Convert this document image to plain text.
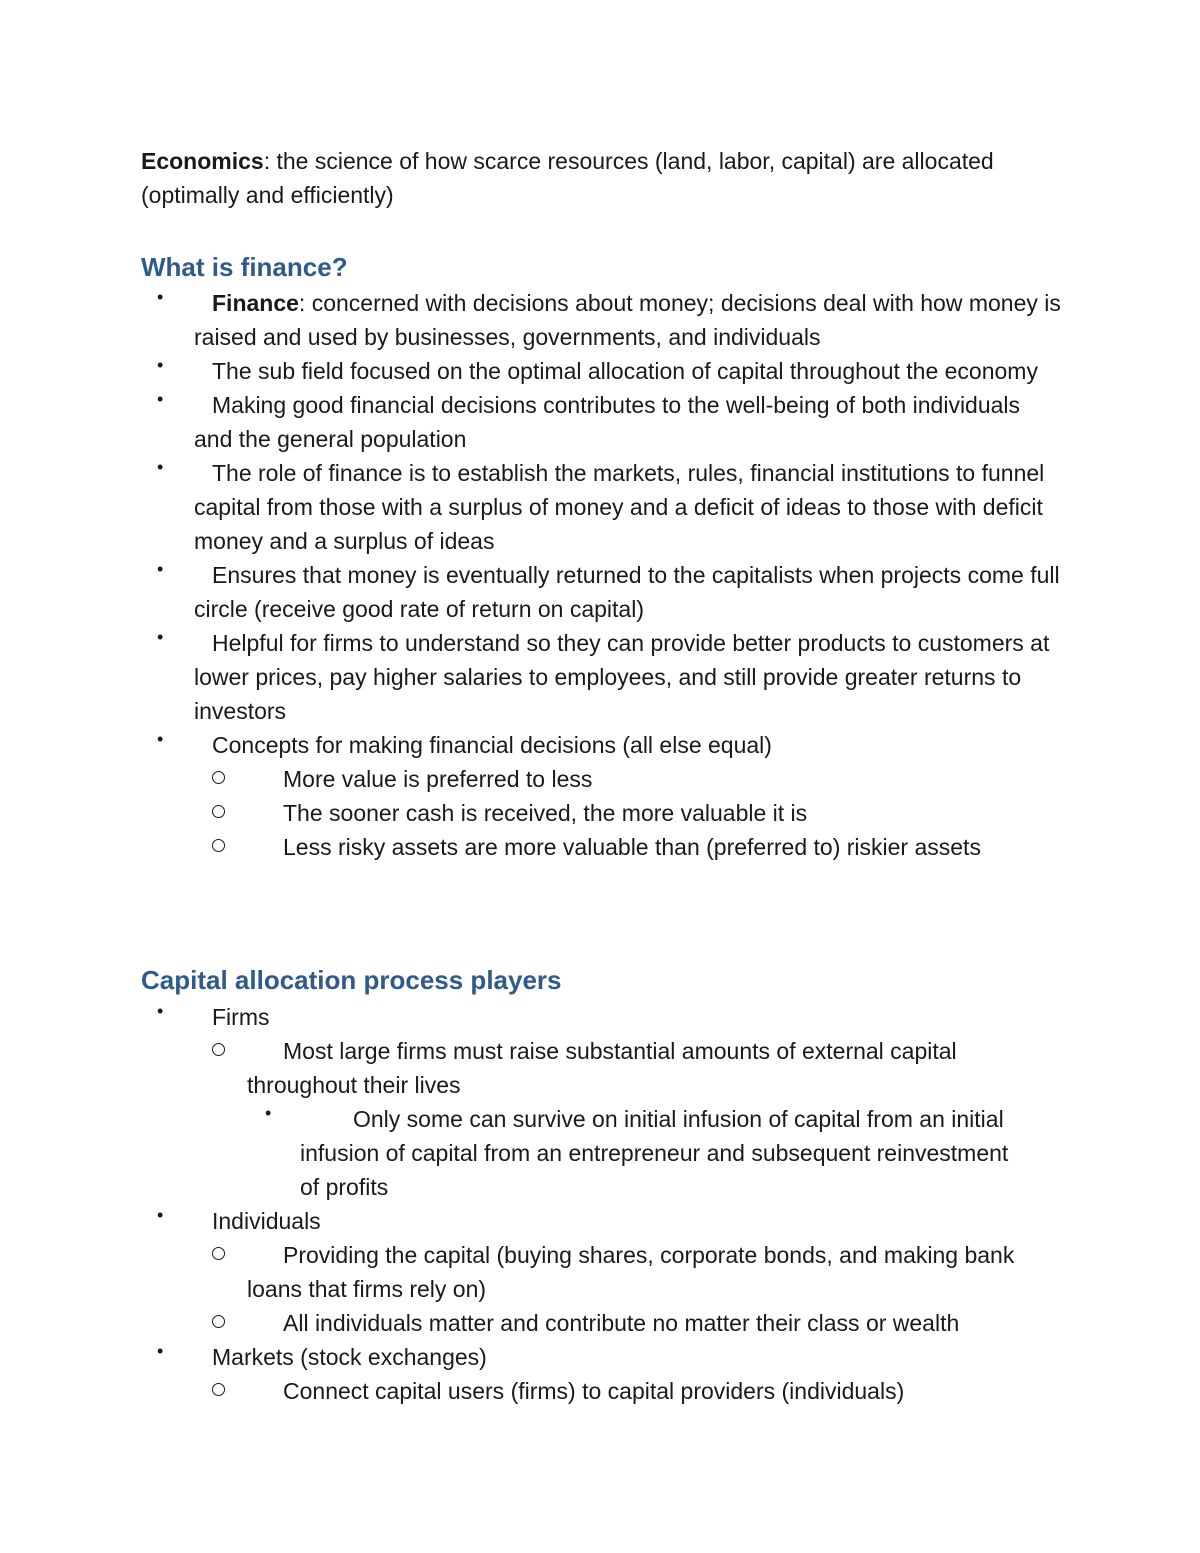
Economics: the science of how scarce resources (land, labor, capital) are allocated (optimally and efficiently)

What is finance?
•	Finance: concerned with decisions about money; decisions deal with how money is raised and used by businesses, governments, and individuals
•	The sub field focused on the optimal allocation of capital throughout the economy
•	Making good financial decisions contributes to the well-being of both individuals and the general population
•	The role of finance is to establish the markets, rules, financial institutions to funnel capital from those with a surplus of money and a deficit of ideas to those with deficit money and a surplus of ideas
•	Ensures that money is eventually returned to the capitalists when projects come full circle (receive good rate of return on capital)
•	Helpful for firms to understand so they can provide better products to customers at lower prices, pay higher salaries to employees, and still provide greater returns to investors
•	Concepts for making financial decisions (all else equal)
More value is preferred to less
The sooner cash is received, the more valuable it is
Less risky assets are more valuable than (preferred to) riskier assets
Capital allocation process players
•	Firms
Most large firms must raise substantial amounts of external capital throughout their lives
•	Only some can survive on initial infusion of capital from an initial infusion of capital from an entrepreneur and subsequent reinvestment of profits
•	Individuals
Providing the capital (buying shares, corporate bonds, and making bank loans that firms rely on)
All individuals matter and contribute no matter their class or wealth
•	Markets (stock exchanges)
Connect capital users (firms) to capital providers (individuals)
